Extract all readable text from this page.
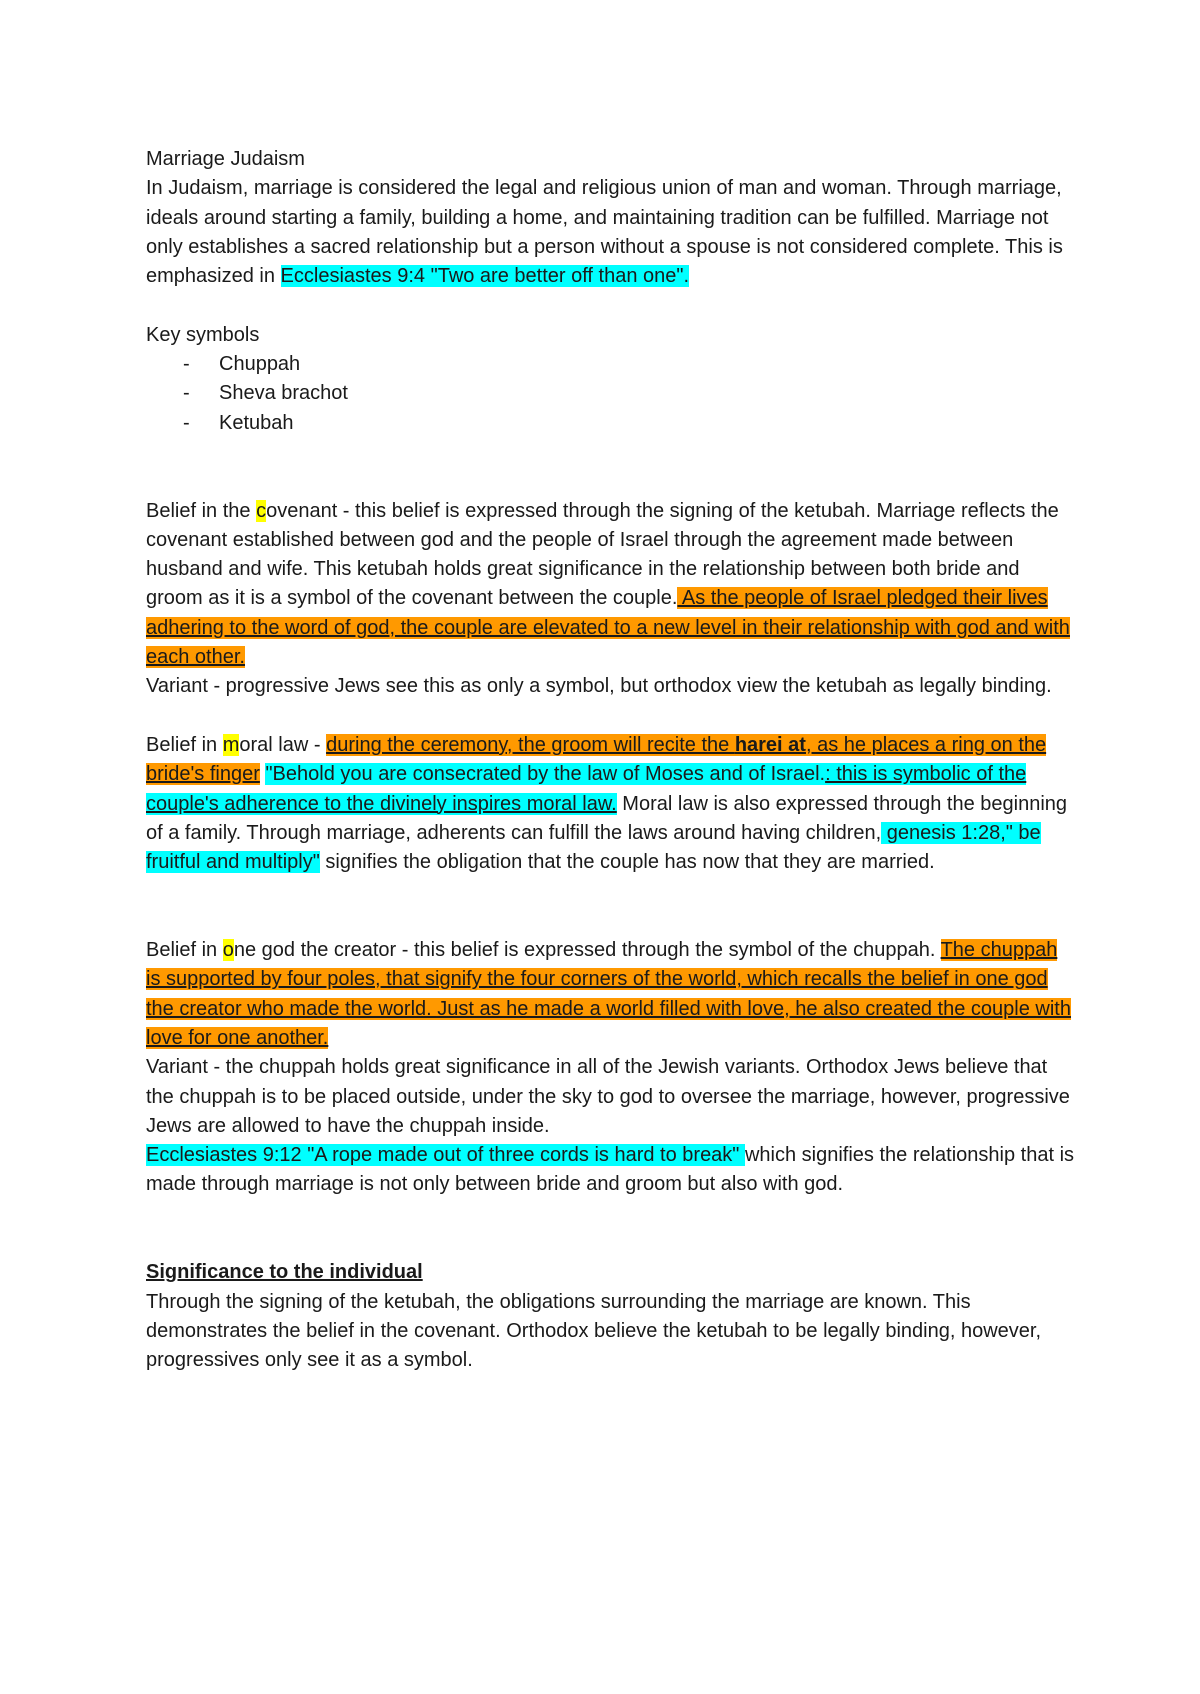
Marriage Judaism

In Judaism, marriage is considered the legal and religious union of man and woman. Through marriage, ideals around starting a family, building a home, and maintaining tradition can be fulfilled. Marriage not only establishes a sacred relationship but a person without a spouse is not considered complete. This is emphasized in Ecclesiastes 9:4 "Two are better off than one".

Key symbols

- Chuppah
- Sheva brachot
- Ketubah

Belief in the covenant - this belief is expressed through the signing of the ketubah. Marriage reflects the covenant established between god and the people of Israel through the agreement made between husband and wife. This ketubah holds great significance in the relationship between both bride and groom as it is a symbol of the covenant between the couple. As the people of Israel pledged their lives adhering to the word of god, the couple are elevated to a new level in their relationship with god and with each other.

Variant - progressive Jews see this as only a symbol, but orthodox view the ketubah as legally binding.

Belief in moral law - during the ceremony, the groom will recite the harei at, as he places a ring on the bride's finger "Behold you are consecrated by the law of Moses and of Israel.: this is symbolic of the couple's adherence to the divinely inspires moral law. Moral law is also expressed through the beginning of a family. Through marriage, adherents can fulfill the laws around having children, genesis 1:28," be fruitful and multiply" signifies the obligation that the couple has now that they are married.

Belief in one god the creator - this belief is expressed through the symbol of the chuppah. The chuppah is supported by four poles, that signify the four corners of the world, which recalls the belief in one god the creator who made the world. Just as he made a world filled with love, he also created the couple with love for one another.

Variant - the chuppah holds great significance in all of the Jewish variants. Orthodox Jews believe that the chuppah is to be placed outside, under the sky to god to oversee the marriage, however, progressive Jews are allowed to have the chuppah inside.

Ecclesiastes 9:12 "A rope made out of three cords is hard to break" which signifies the relationship that is made through marriage is not only between bride and groom but also with god.

Significance to the individual

Through the signing of the ketubah, the obligations surrounding the marriage are known. This demonstrates the belief in the covenant. Orthodox believe the ketubah to be legally binding, however, progressives only see it as a symbol.
